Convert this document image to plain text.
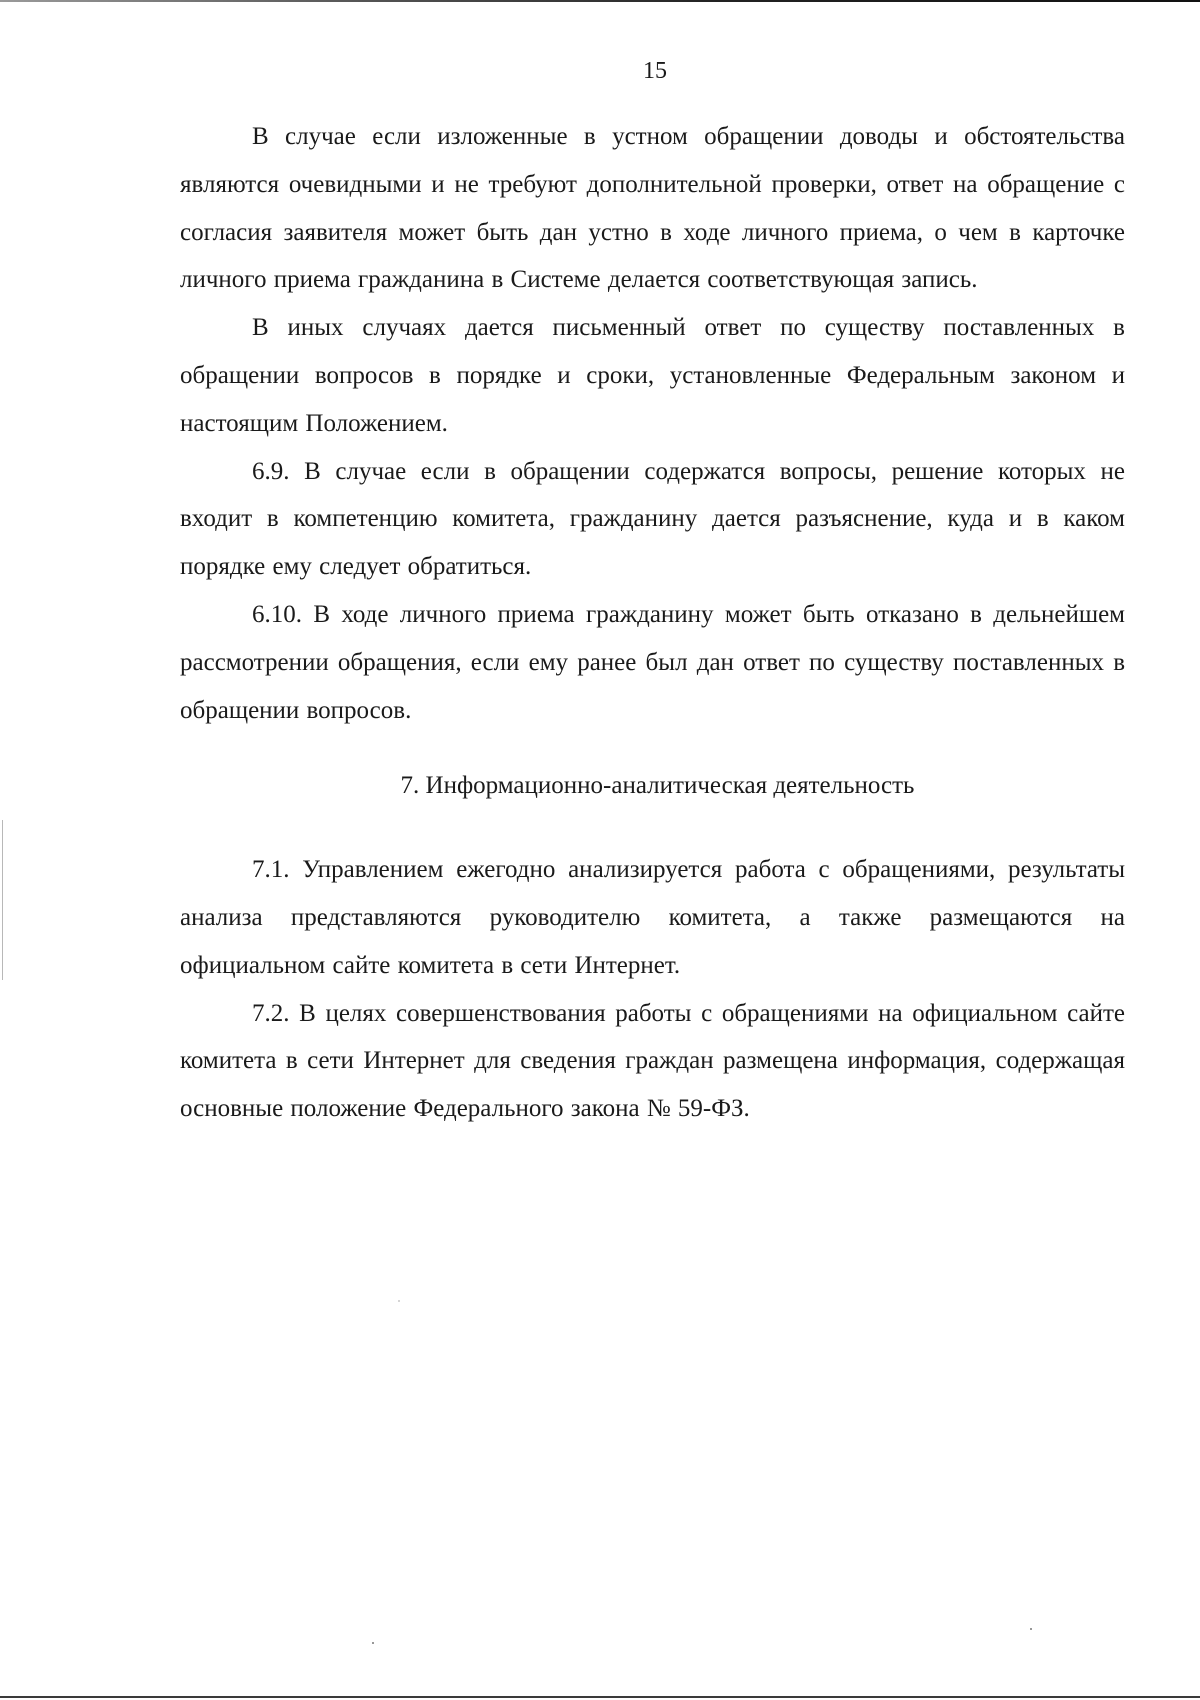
15

В случае если изложенные в устном обращении доводы и обстоятельства являются очевидными и не требуют дополнительной проверки, ответ на обращение с согласия заявителя может быть дан устно в ходе личного приема, о чем в карточке личного приема гражданина в Системе делается соответствующая запись.

В иных случаях дается письменный ответ по существу поставленных в обращении вопросов в порядке и сроки, установленные Федеральным законом и настоящим Положением.

6.9. В случае если в обращении содержатся вопросы, решение которых не входит в компетенцию комитета, гражданину дается разъяснение, куда и в каком порядке ему следует обратиться.

6.10. В ходе личного приема гражданину может быть отказано в дельнейшем рассмотрении обращения, если ему ранее был дан ответ по существу поставленных в обращении вопросов.

7. Информационно-аналитическая деятельность

7.1. Управлением ежегодно анализируется работа с обращениями, результаты анализа представляются руководителю комитета, а также размещаются на официальном сайте комитета в сети Интернет.

7.2. В целях совершенствования работы с обращениями на официальном сайте комитета в сети Интернет для сведения граждан размещена информация, содержащая основные положение Федерального закона № 59-ФЗ.
